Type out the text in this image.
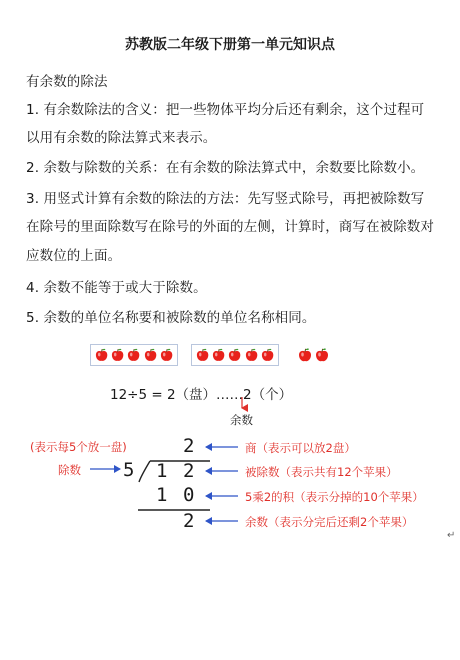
苏教版二年级下册第一单元知识点
有余数的除法
1. 有余数除法的含义：把一些物体平均分后还有剩余，这个过程可
以用有余数的除法算式来表示。
2. 余数与除数的关系：在有余数的除法算式中，余数要比除数小。
3. 用竖式计算有余数的除法的方法：先写竖式除号，再把被除数写
在除号的里面除数写在除号的外面的左侧，计算时，商写在被除数对
应数位的上面。
4. 余数不能等于或大于除数。
5. 余数的单位名称要和被除数的单位名称相同。
12÷5 = 2（盘）……2（个）
余数
2
5 1 2
1 0
2
(表示每5个放一盘)
除数
商（表示可以放2盘）
被除数（表示共有12个苹果）
5乘2的积（表示分掉的10个苹果）
余数（表示分完后还剩2个苹果）
↵
